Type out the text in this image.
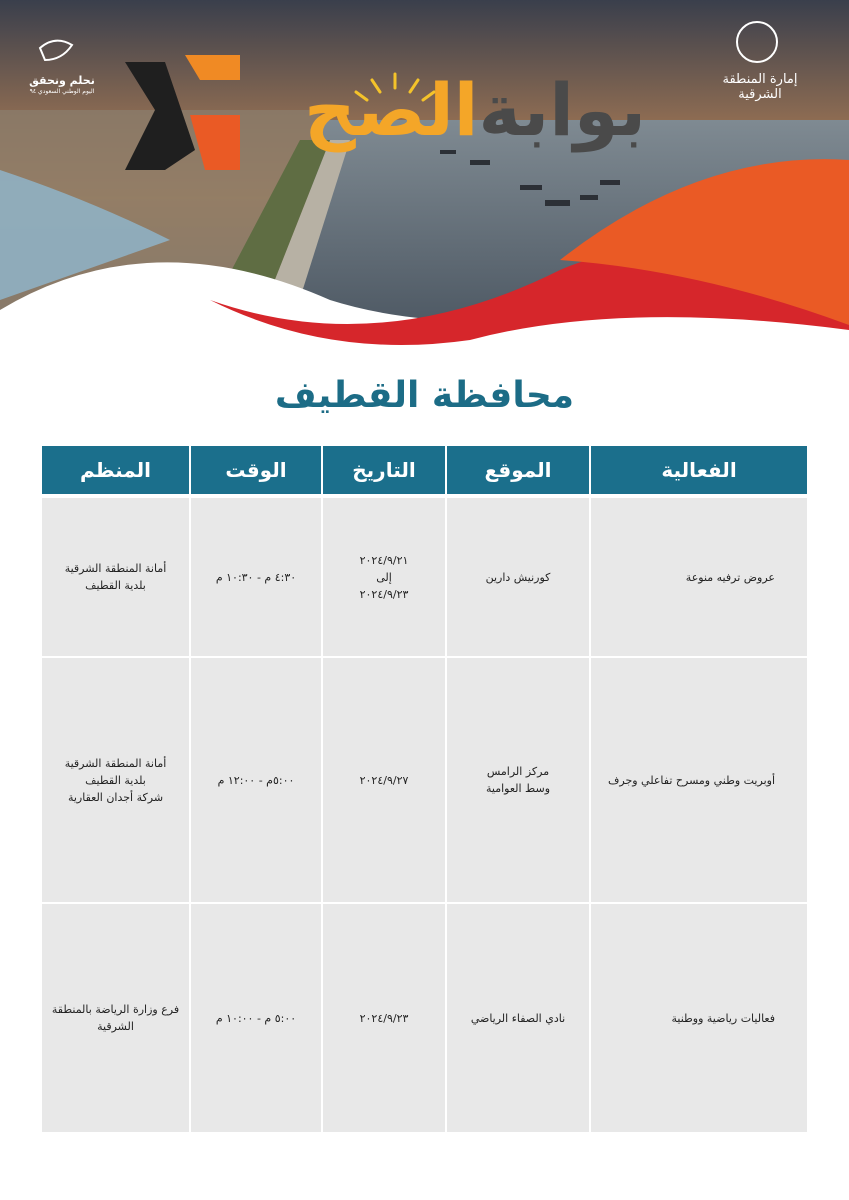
بوابةالصح	إمارة المنطقة الشرقية
نحلم ونحقق
اليوم الوطني السعودي ٩٤
محافظة القطيف
الفعالية	الموقع	التاريخ	الوقت	المنظم
عروض ترفيه منوعة	كورنيش دارين	٢٠٢٤/٩/٢١
إلى
٢٠٢٤/٩/٢٣	٤:٣٠ م - ١٠:٣٠ م	أمانة المنطقة الشرقية
بلدية القطيف

أوبريت وطني ومسرح تفاعلي وجرف	مركز الرامس
وسط العوامية	٢٠٢٤/٩/٢٧	٥:٠٠م - ١٢:٠٠ م	أمانة المنطقة الشرقية
بلدية القطيف
شركة أجدان العقارية

فعاليات رياضية ووطنية	نادي الصفاء الرياضي	٢٠٢٤/٩/٢٣	٥:٠٠ م - ١٠:٠٠ م	فرع وزارة الرياضة بالمنطقة
الشرقية
